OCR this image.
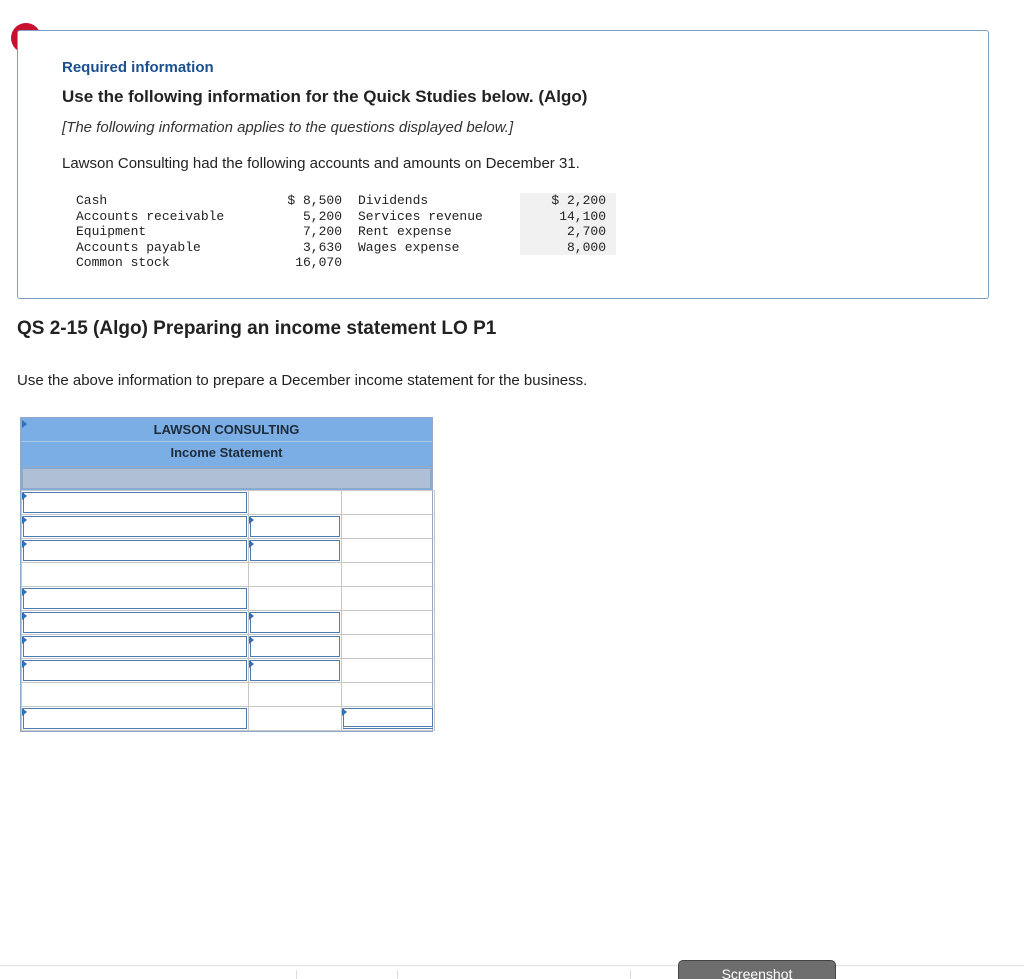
Required information
Use the following information for the Quick Studies below. (Algo)
[The following information applies to the questions displayed below.]
Lawson Consulting had the following accounts and amounts on December 31.
Cash	$ 8,500	Dividends	$ 2,200
Accounts receivable	5,200	Services revenue	14,100
Equipment	7,200	Rent expense	2,700
Accounts payable	3,630	Wages expense	8,000
Common stock	16,070		
QS 2-15 (Algo) Preparing an income statement LO P1
Use the above information to prepare a December income statement for the business.
LAWSON CONSULTING
Income Statement

Screenshot
